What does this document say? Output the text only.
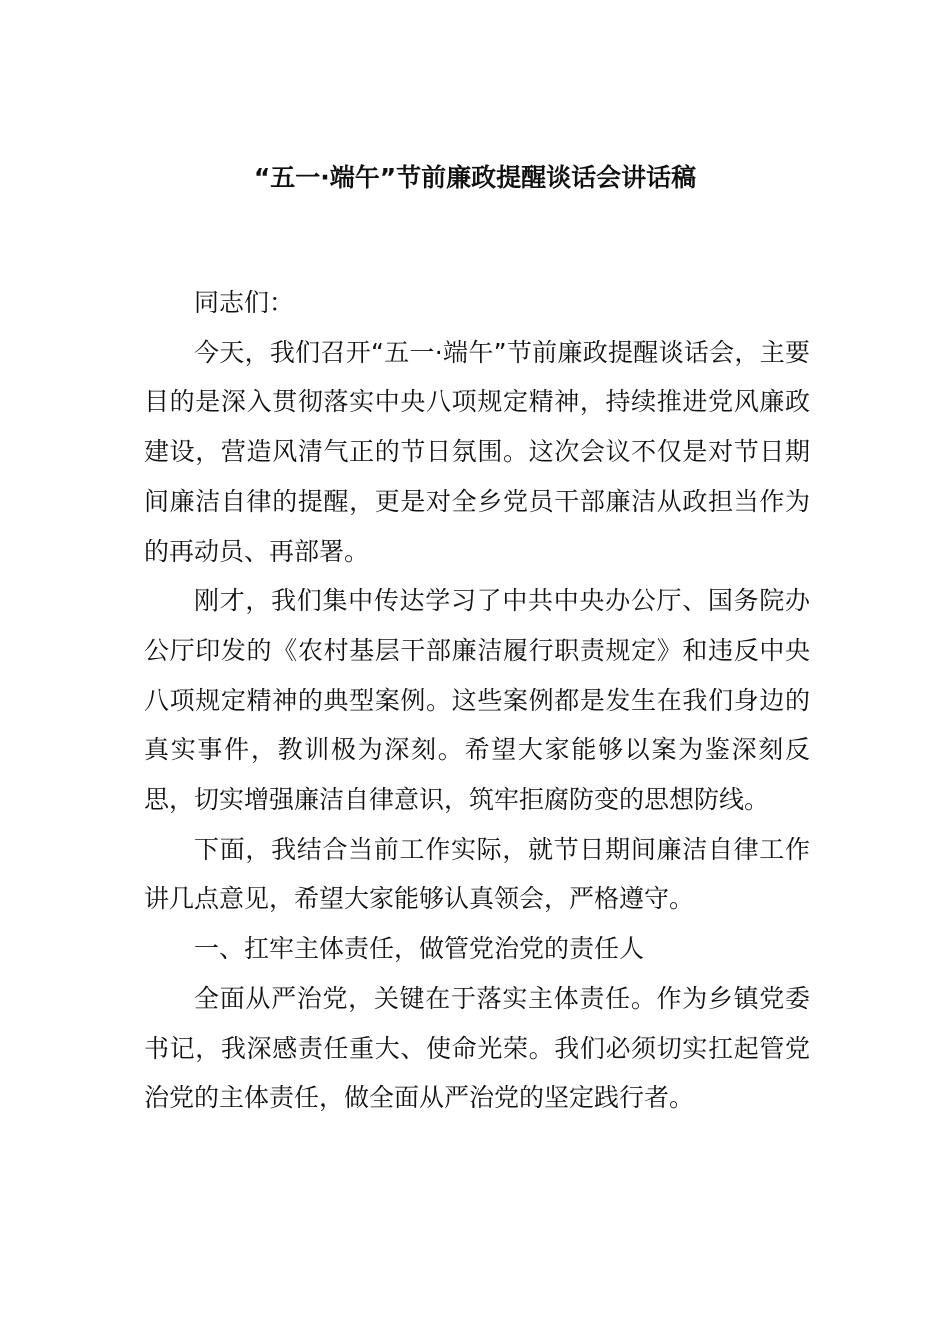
“五一·端午”节前廉政提醒谈话会讲话稿

同志们：

今天，我们召开“五一·端午”节前廉政提醒谈话会，主要目的是深入贯彻落实中央八项规定精神，持续推进党风廉政建设，营造风清气正的节日氛围。这次会议不仅是对节日期间廉洁自律的提醒，更是对全乡党员干部廉洁从政担当作为的再动员、再部署。

刚才，我们集中传达学习了中共中央办公厅、国务院办公厅印发的《农村基层干部廉洁履行职责规定》和违反中央八项规定精神的典型案例。这些案例都是发生在我们身边的真实事件，教训极为深刻。希望大家能够以案为鉴深刻反思，切实增强廉洁自律意识，筑牢拒腐防变的思想防线。

下面，我结合当前工作实际，就节日期间廉洁自律工作讲几点意见，希望大家能够认真领会，严格遵守。

一、扛牢主体责任，做管党治党的责任人

全面从严治党，关键在于落实主体责任。作为乡镇党委书记，我深感责任重大、使命光荣。我们必须切实扛起管党治党的主体责任，做全面从严治党的坚定践行者。
